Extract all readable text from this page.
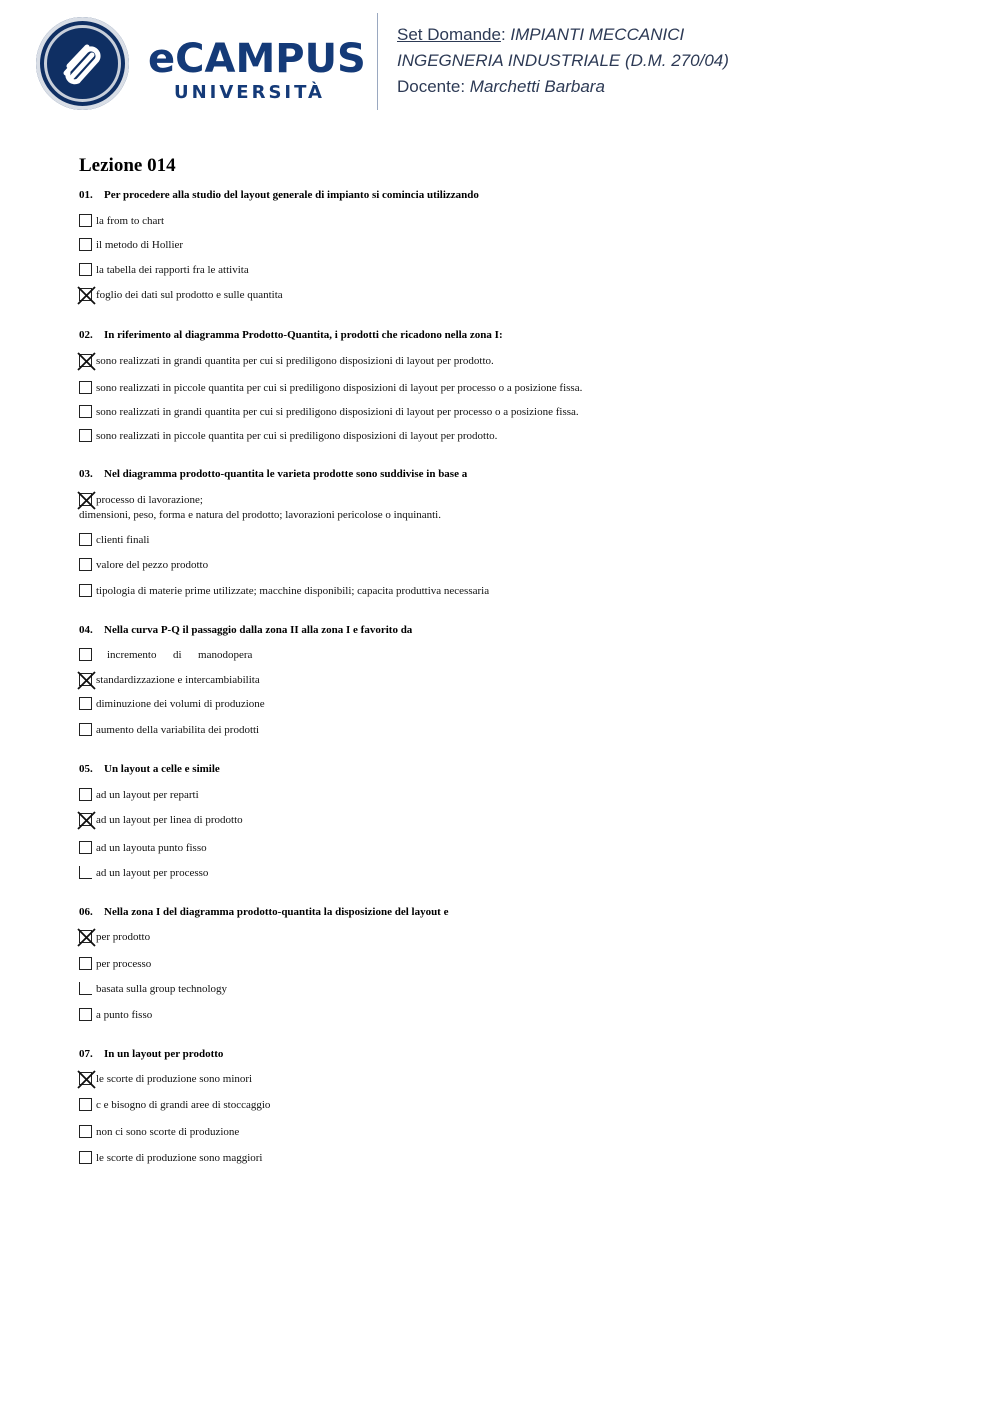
eCAMPUS
UNIVERSITÀ
Set Domande: IMPIANTI MECCANICI
INGEGNERIA INDUSTRIALE (D.M. 270/04)
Docente: Marchetti Barbara
Lezione 014
01. Per procedere alla studio del layout generale di impianto si comincia utilizzando
la from to chart
il metodo di Hollier
la tabella dei rapporti fra le attivita
foglio dei dati sul prodotto e sulle quantita
02. In riferimento al diagramma Prodotto-Quantita, i prodotti che ricadono nella zona I:
sono realizzati in grandi quantita per cui si prediligono disposizioni di layout per prodotto.
sono realizzati in piccole quantita per cui si prediligono disposizioni di layout per processo o a posizione fissa.
sono realizzati in grandi quantita per cui si prediligono disposizioni di layout per processo o a posizione fissa.
sono realizzati in piccole quantita per cui si prediligono disposizioni di layout per prodotto.
03. Nel diagramma prodotto-quantita le varieta prodotte sono suddivise in base a
processo di lavorazione;
dimensioni, peso, forma e natura del prodotto; lavorazioni pericolose o inquinanti.
clienti finali
valore del pezzo prodotto
tipologia di materie prime utilizzate; macchine disponibili; capacita produttiva necessaria
04. Nella curva P-Q il passaggio dalla zona II alla zona I e favorito da
incremento      di      manodopera
standardizzazione e intercambiabilita
diminuzione dei volumi di produzione
aumento della variabilita dei prodotti
05. Un layout a celle e simile
ad un layout per reparti
ad un layout per linea di prodotto
ad un layouta punto fisso
ad un layout per processo
06. Nella zona I del diagramma prodotto-quantita la disposizione del layout e
per prodotto
per processo
basata sulla group technology
a punto fisso
07. In un layout per prodotto
le scorte di produzione sono minori
c e bisogno di grandi aree di stoccaggio
non ci sono scorte di produzione
le scorte di produzione sono maggiori
